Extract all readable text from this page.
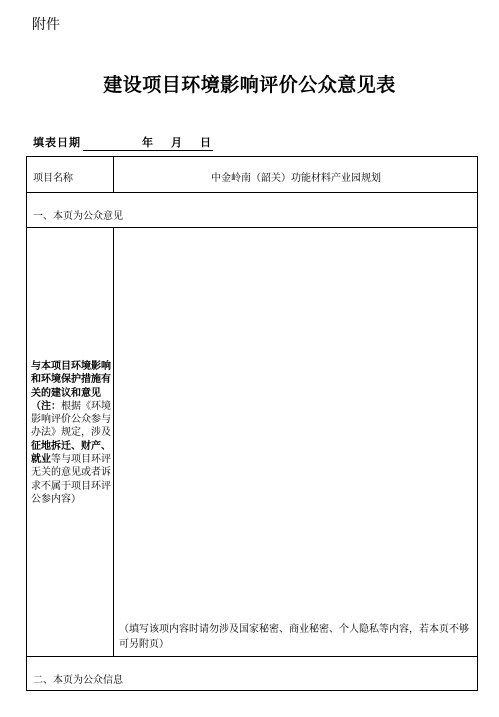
附件
建设项目环境影响评价公众意见表
填表日期	年 月 日
项目名称	中金岭南（韶关）功能材料产业园规划
一、本页为公众意见
与本项目环境影响和环境保护措施有关的建议和意见（注：根据《环境影响评价公众参与办法》规定，涉及征地拆迁、财产、就业等与项目环评无关的意见或者诉求不属于项目环评公参内容）
（填写该项内容时请勿涉及国家秘密、商业秘密、个人隐私等内容，若本页不够可另附页）
二、本页为公众信息
